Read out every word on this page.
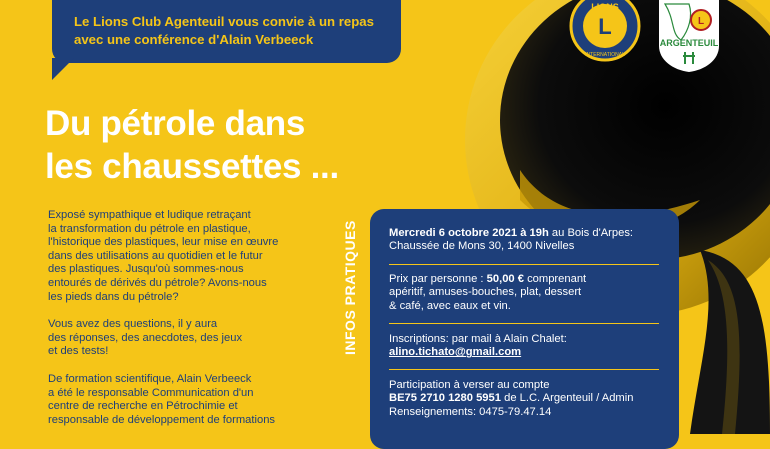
Le Lions Club Agenteuil vous convie à un repas avec une conférence d'Alain Verbeeck
L
LIONS
INTERNATIONAL
L
ARGENTEUIL
Du pétrole dans
les chaussettes ...

Exposé sympathique et ludique retraçant
la transformation du pétrole en plastique,
l'historique des plastiques, leur mise en œuvre
dans des utilisations au quotidien et le futur
des plastiques. Jusqu'où sommes-nous
entourés de dérivés du pétrole? Avons-nous
les pieds dans du pétrole?

Vous avez des questions, il y aura
des réponses, des anecdotes, des jeux
et des tests!

De formation scientifique, Alain Verbeeck
a été le responsable Communication d'un
centre de recherche en Pétrochimie et
responsable de développement de formations

INFOS PRATIQUES	Mercredi 6 octobre 2021 à 19h au Bois d'Arpes:
Chaussée de Mons 30, 1400 Nivelles
Prix par personne : 50,00 € comprenant
apéritif, amuses-bouches, plat, dessert
& café, avec eaux et vin.
Inscriptions: par mail à Alain Chalet:
alino.tichato@gmail.com
Participation à verser au compte
BE75 2710 1280 5951 de L.C. Argenteuil / Admin
Renseignements: 0475-79.47.14
